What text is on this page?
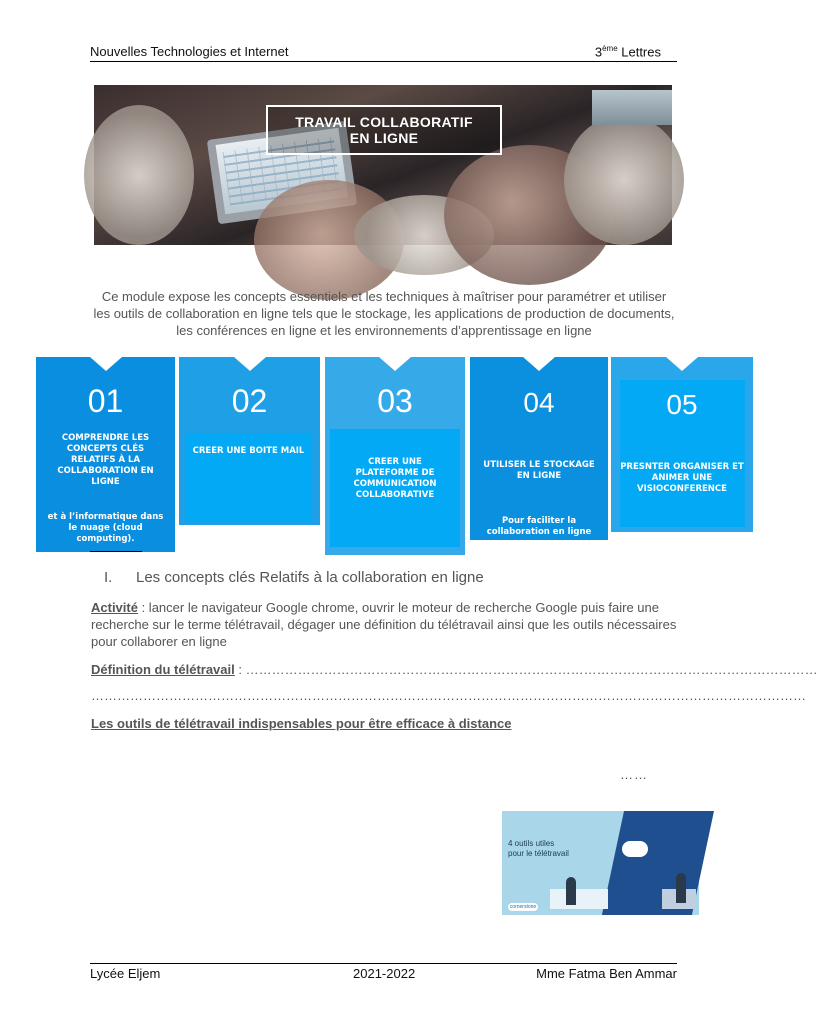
Nouvelles Technologies et Internet	3ème Lettres
TRAVAIL COLLABORATIF
EN LIGNE

Ce module expose les concepts essentiels et les techniques à maîtriser pour paramétrer et utiliser les outils de collaboration en ligne tels que le stockage, les applications de production de documents, les conférences en ligne et les environnements d’apprentissage en ligne

01
COMPRENDRE LES CONCEPTS CLÉS RELATIFS À LA COLLABORATION EN LIGNE
et à l’informatique dans le nuage (cloud computing).
02
CREER UNE BOITE MAIL
03
CREER UNE PLATEFORME DE COMMUNICATION COLLABORATIVE
04
UTILISER LE STOCKAGE EN LIGNE
Pour faciliter la collaboration en ligne
05
PRESNTER ORGANISER ET ANIMER UNE VISIOCONFERENCE
I. Les concepts clés Relatifs à la collaboration en ligne

Activité : lancer le navigateur Google chrome, ouvrir le moteur de recherche Google puis faire une recherche sur le terme télétravail, dégager une définition du télétravail ainsi que les outils nécessaires pour collaborer en ligne

Définition du télétravail : ……………………………………………………………………………………………………………………
…………………………………………………………………………………………………………………………………………………
Les outils de télétravail indispensables pour être efficace à distance
……
4 outils utiles
pour le télétravail
cornerstone
Lycée Eljem	2021-2022	Mme Fatma Ben Ammar
